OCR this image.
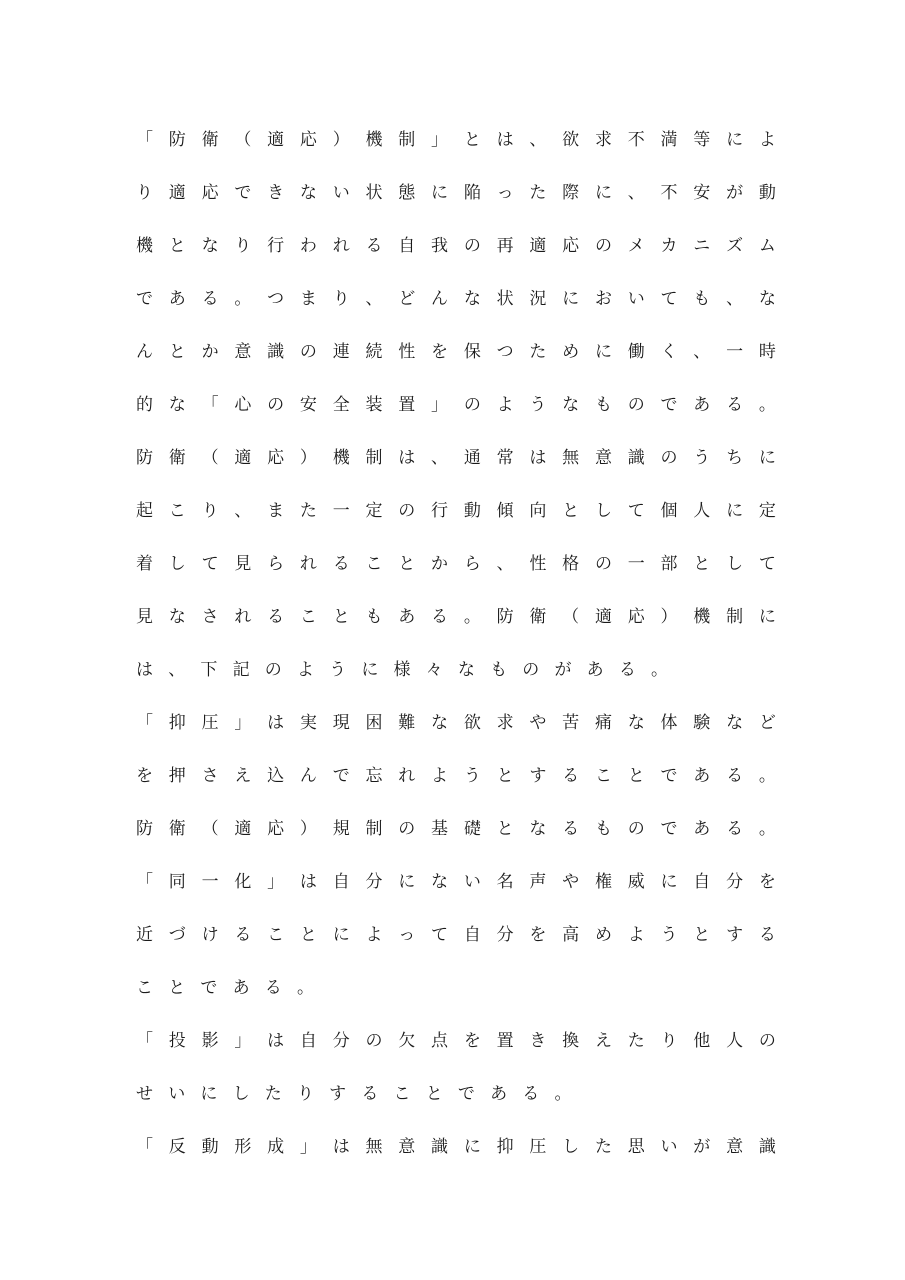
「 防 衛 （ 適 応 ） 機 制 」 と は 、 欲 求 不 満 等 に よ
り 適 応 で き な い 状 態 に 陥 っ た 際 に 、 不 安 が 動
機 と な り 行 わ れ る 自 我 の 再 適 応 の メ カ ニ ズ ム
で あ る 。 つ ま り 、 ど ん な 状 況 に お い て も 、 な
ん と か 意 識 の 連 続 性 を 保 つ た め に 働 く 、 一 時
的 な 「 心 の 安 全 装 置 」 の よ う な も の で あ る 。
防 衛 （ 適 応 ） 機 制 は 、 通 常 は 無 意 識 の う ち に
起 こ り 、 ま た 一 定 の 行 動 傾 向 と し て 個 人 に 定
着 し て 見 ら れ る こ と か ら 、 性 格 の 一 部 と し て
見 な さ れ る こ と も あ る 。 防 衛 （ 適 応 ） 機 制 に
は 、 下 記 の よ う に 様 々 な も の が あ る 。
「 抑 圧 」 は 実 現 困 難 な 欲 求 や 苦 痛 な 体 験 な ど
を 押 さ え 込 ん で 忘 れ よ う と す る こ と で あ る 。
防 衛 （ 適 応 ） 規 制 の 基 礎 と な る も の で あ る 。
「 同 一 化 」 は 自 分 に な い 名 声 や 権 威 に 自 分 を
近 づ け る こ と に よ っ て 自 分 を 高 め よ う と す る
こ と で あ る 。
「 投 影 」 は 自 分 の 欠 点 を 置 き 換 え た り 他 人 の
せ い に し た り す る こ と で あ る 。
「 反 動 形 成 」 は 無 意 識 に 抑 圧 し た 思 い が 意 識
